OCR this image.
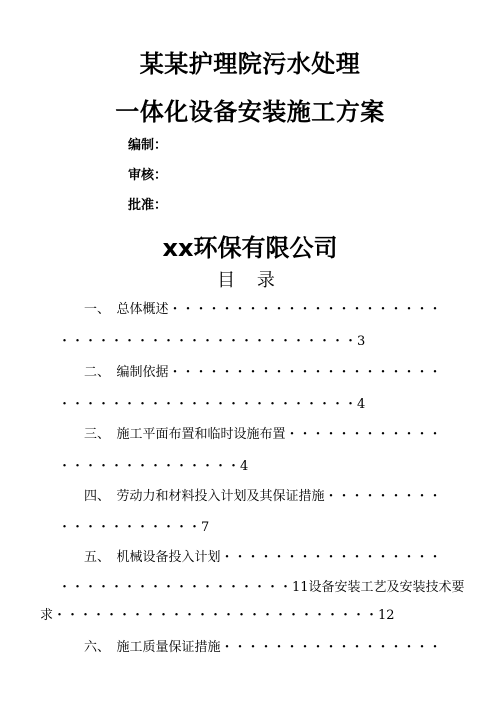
某某护理院污水处理
一体化设备安装施工方案
编制：
审核：
批准：
xx环保有限公司
目 录
一、　总体概述・・・・・・・・・・・・・・・・・・・・・
・・・・・・・・・・・・・・・・・・・・・・・3
二、　编制依据・・・・・・・・・・・・・・・・・・・・・
・・・・・・・・・・・・・・・・・・・・・・・4
三、　施工平面布置和临时设施布置・・・・・・・・・・・・
・・・・・・・・・・・・・・4
四、　劳动力和材料投入计划及其保证措施・・・・・・・・・
・・・・・・・・・・・7
五、　机械设备投入计划・・・・・・・・・・・・・・・・・
・・・・・・・・・・・・・・・・・・11设备安装工艺及安装技术要
求・・・・・・・・・・・・・・・・・・・・・・・・・12
六、　施工质量保证措施・・・・・・・・・・・・・・・・・
